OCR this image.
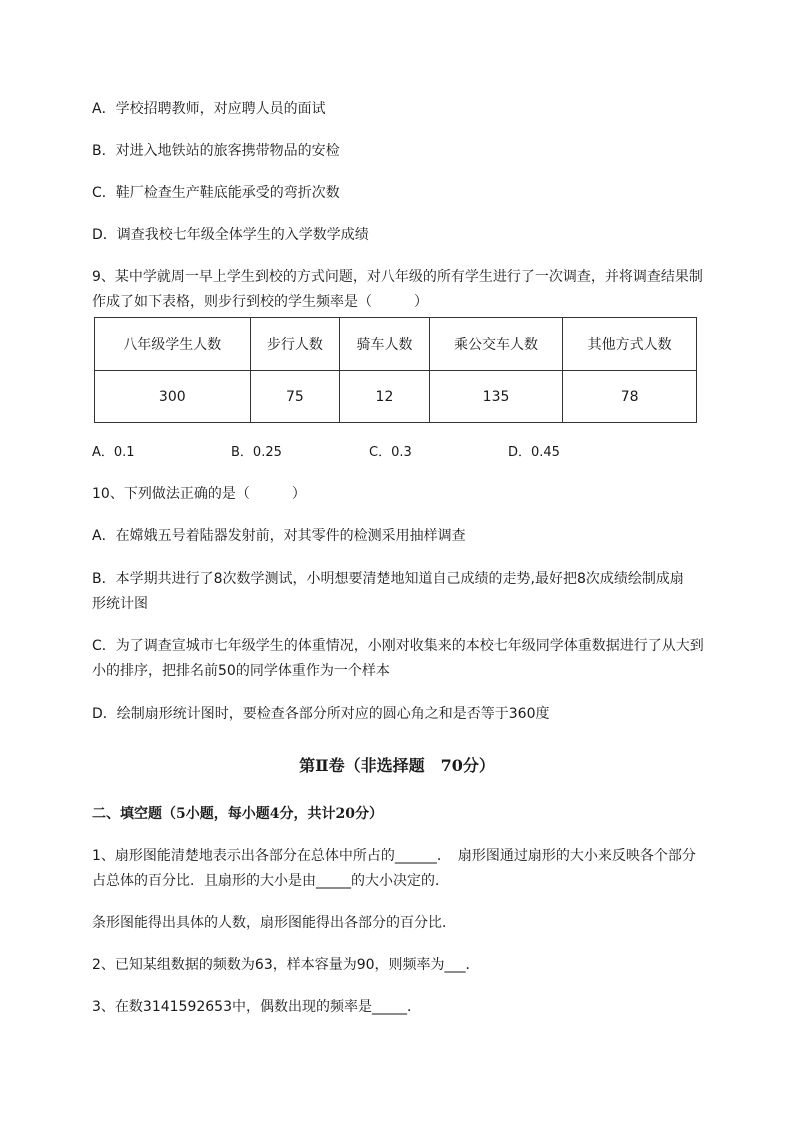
A．学校招聘教师，对应聘人员的面试
B．对进入地铁站的旅客携带物品的安检
C．鞋厂检查生产鞋底能承受的弯折次数
D．调查我校七年级全体学生的入学数学成绩
9、某中学就周一早上学生到校的方式问题，对八年级的所有学生进行了一次调查，并将调查结果制
作成了如下表格，则步行到校的学生频率是（　　　）
八年级学生人数	步行人数	骑车人数	乘公交车人数	其他方式人数
300	75	12	135	78
A．0.1	B．0.25	C．0.3	D．0.45
10、下列做法正确的是（　　　）
A．在嫦娥五号着陆器发射前，对其零件的检测采用抽样调查
B．本学期共进行了8次数学测试，小明想要清楚地知道自己成绩的走势,最好把8次成绩绘制成扇
形统计图
C．为了调查宣城市七年级学生的体重情况，小刚对收集来的本校七年级同学体重数据进行了从大到
小的排序，把排名前50的同学体重作为一个样本
D．绘制扇形统计图时，要检查各部分所对应的圆心角之和是否等于360度
第Ⅱ卷（非选择题　70分）
二、填空题（5小题，每小题4分，共计20分）
1、扇形图能清楚地表示出各部分在总体中所占的______．　扇形图通过扇形的大小来反映各个部分
占总体的百分比．且扇形的大小是由_____的大小决定的．
条形图能得出具体的人数，扇形图能得出各部分的百分比．
2、已知某组数据的频数为63，样本容量为90，则频率为___．
3、在数3141592653中，偶数出现的频率是_____．
